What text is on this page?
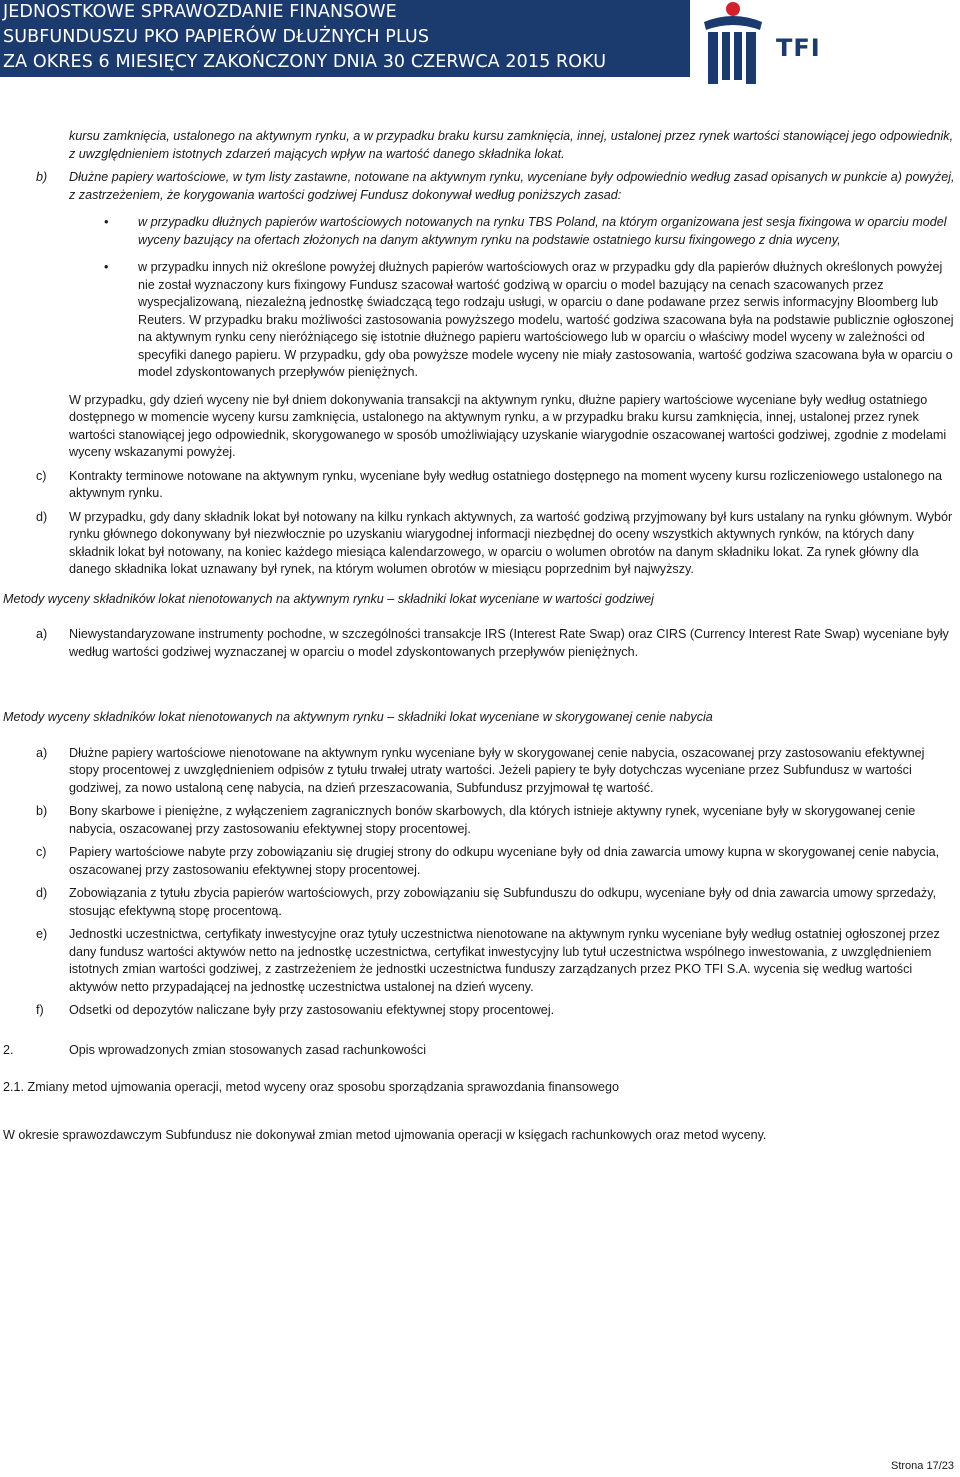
JEDNOSTKOWE SPRAWOZDANIE FINANSOWE
SUBFUNDUSZU PKO PAPIERÓW DŁUŻNYCH PLUS
ZA OKRES 6 MIESIĘCY ZAKOŃCZONY DNIA 30 CZERWCA 2015 ROKU	TFI
kursu zamknięcia, ustalonego na aktywnym rynku, a w przypadku braku kursu zamknięcia, innej, ustalonej przez rynek wartości stanowiącej jego odpowiednik, z uwzględnieniem istotnych zdarzeń mających wpływ na wartość danego składnika lokat.
b) Dłużne papiery wartościowe, w tym listy zastawne, notowane na aktywnym rynku, wyceniane były odpowiednio według zasad opisanych w punkcie a) powyżej, z zastrzeżeniem, że korygowania wartości godziwej Fundusz dokonywał według poniższych zasad:
• w przypadku dłużnych papierów wartościowych notowanych na rynku TBS Poland, na którym organizowana jest sesja fixingowa w oparciu model wyceny bazujący na ofertach złożonych na danym aktywnym rynku na podstawie ostatniego kursu fixingowego z dnia wyceny,
• w przypadku innych niż określone powyżej dłużnych papierów wartościowych oraz w przypadku gdy dla papierów dłużnych określonych powyżej nie został wyznaczony kurs fixingowy Fundusz szacował wartość godziwą w oparciu o model bazujący na cenach szacowanych przez wyspecjalizowaną, niezależną jednostkę świadczącą tego rodzaju usługi, w oparciu o dane podawane przez serwis informacyjny Bloomberg lub Reuters. W przypadku braku możliwości zastosowania powyższego modelu, wartość godziwa szacowana była na podstawie publicznie ogłoszonej na aktywnym rynku ceny nieróżniącego się istotnie dłużnego papieru wartościowego lub w oparciu o właściwy model wyceny w zależności od specyfiki danego papieru. W przypadku, gdy oba powyższe modele wyceny nie miały zastosowania, wartość godziwa szacowana była w oparciu o model zdyskontowanych przepływów pieniężnych.
W przypadku, gdy dzień wyceny nie był dniem dokonywania transakcji na aktywnym rynku, dłużne papiery wartościowe wyceniane były według ostatniego dostępnego w momencie wyceny kursu zamknięcia, ustalonego na aktywnym rynku, a w przypadku braku kursu zamknięcia, innej, ustalonej przez rynek wartości stanowiącej jego odpowiednik, skorygowanego w sposób umożliwiający uzyskanie wiarygodnie oszacowanej wartości godziwej, zgodnie z modelami wyceny wskazanymi powyżej.
c) Kontrakty terminowe notowane na aktywnym rynku, wyceniane były według ostatniego dostępnego na moment wyceny kursu rozliczeniowego ustalonego na aktywnym rynku.
d) W przypadku, gdy dany składnik lokat był notowany na kilku rynkach aktywnych, za wartość godziwą przyjmowany był kurs ustalany na rynku głównym. Wybór rynku głównego dokonywany był niezwłocznie po uzyskaniu wiarygodnej informacji niezbędnej do oceny wszystkich aktywnych rynków, na których dany składnik lokat był notowany, na koniec każdego miesiąca kalendarzowego, w oparciu o wolumen obrotów na danym składniku lokat. Za rynek główny dla danego składnika lokat uznawany był rynek, na którym wolumen obrotów w miesiącu poprzednim był najwyższy.
Metody wyceny składników lokat nienotowanych na aktywnym rynku – składniki lokat wyceniane w wartości godziwej
a) Niewystandaryzowane instrumenty pochodne, w szczególności transakcje IRS (Interest Rate Swap) oraz CIRS (Currency Interest Rate Swap) wyceniane były według wartości godziwej wyznaczanej w oparciu o model zdyskontowanych przepływów pieniężnych.
Metody wyceny składników lokat nienotowanych na aktywnym rynku – składniki lokat wyceniane w skorygowanej cenie nabycia
a) Dłużne papiery wartościowe nienotowane na aktywnym rynku wyceniane były w skorygowanej cenie nabycia, oszacowanej przy zastosowaniu efektywnej stopy procentowej z uwzględnieniem odpisów z tytułu trwałej utraty wartości. Jeżeli papiery te były dotychczas wyceniane przez Subfundusz w wartości godziwej, za nowo ustaloną cenę nabycia, na dzień przeszacowania, Subfundusz przyjmował tę wartość.
b) Bony skarbowe i pieniężne, z wyłączeniem zagranicznych bonów skarbowych, dla których istnieje aktywny rynek, wyceniane były w skorygowanej cenie nabycia, oszacowanej przy zastosowaniu efektywnej stopy procentowej.
c) Papiery wartościowe nabyte przy zobowiązaniu się drugiej strony do odkupu wyceniane były od dnia zawarcia umowy kupna w skorygowanej cenie nabycia, oszacowanej przy zastosowaniu efektywnej stopy procentowej.
d) Zobowiązania z tytułu zbycia papierów wartościowych, przy zobowiązaniu się Subfunduszu do odkupu, wyceniane były od dnia zawarcia umowy sprzedaży, stosując efektywną stopę procentową.
e) Jednostki uczestnictwa, certyfikaty inwestycyjne oraz tytuły uczestnictwa nienotowane na aktywnym rynku wyceniane były według ostatniej ogłoszonej przez dany fundusz wartości aktywów netto na jednostkę uczestnictwa, certyfikat inwestycyjny lub tytuł uczestnictwa wspólnego inwestowania, z uwzględnieniem istotnych zmian wartości godziwej, z zastrzeżeniem że jednostki uczestnictwa funduszy zarządzanych przez PKO TFI S.A. wycenia się według wartości aktywów netto przypadającej na jednostkę uczestnictwa ustalonej na dzień wyceny.
f) Odsetki od depozytów naliczane były przy zastosowaniu efektywnej stopy procentowej.
2.	Opis wprowadzonych zmian stosowanych zasad rachunkowości
2.1. Zmiany metod ujmowania operacji, metod wyceny oraz sposobu sporządzania sprawozdania finansowego
W okresie sprawozdawczym Subfundusz nie dokonywał zmian metod ujmowania operacji w księgach rachunkowych oraz metod wyceny.
Strona 17/23
